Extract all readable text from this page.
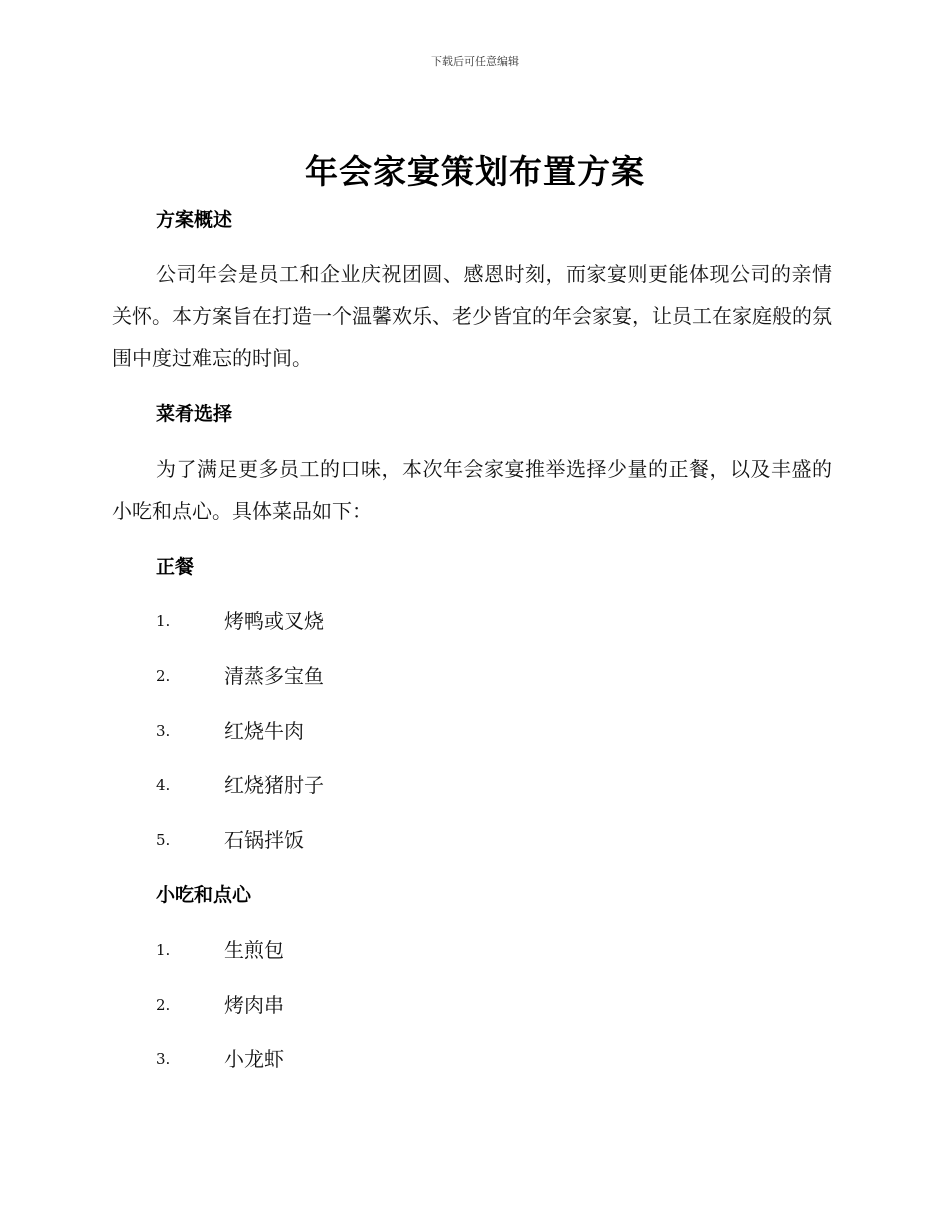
下载后可任意编辑
年会家宴策划布置方案
方案概述
公司年会是员工和企业庆祝团圆、感恩时刻，而家宴则更能体现公司的亲情关怀。本方案旨在打造一个温馨欢乐、老少皆宜的年会家宴，让员工在家庭般的氛围中度过难忘的时间。
菜肴选择
为了满足更多员工的口味，本次年会家宴推举选择少量的正餐，以及丰盛的小吃和点心。具体菜品如下：
正餐
1.	烤鸭或叉烧
2.	清蒸多宝鱼
3.	红烧牛肉
4.	红烧猪肘子
5.	石锅拌饭
小吃和点心
1.	生煎包
2.	烤肉串
3.	小龙虾
